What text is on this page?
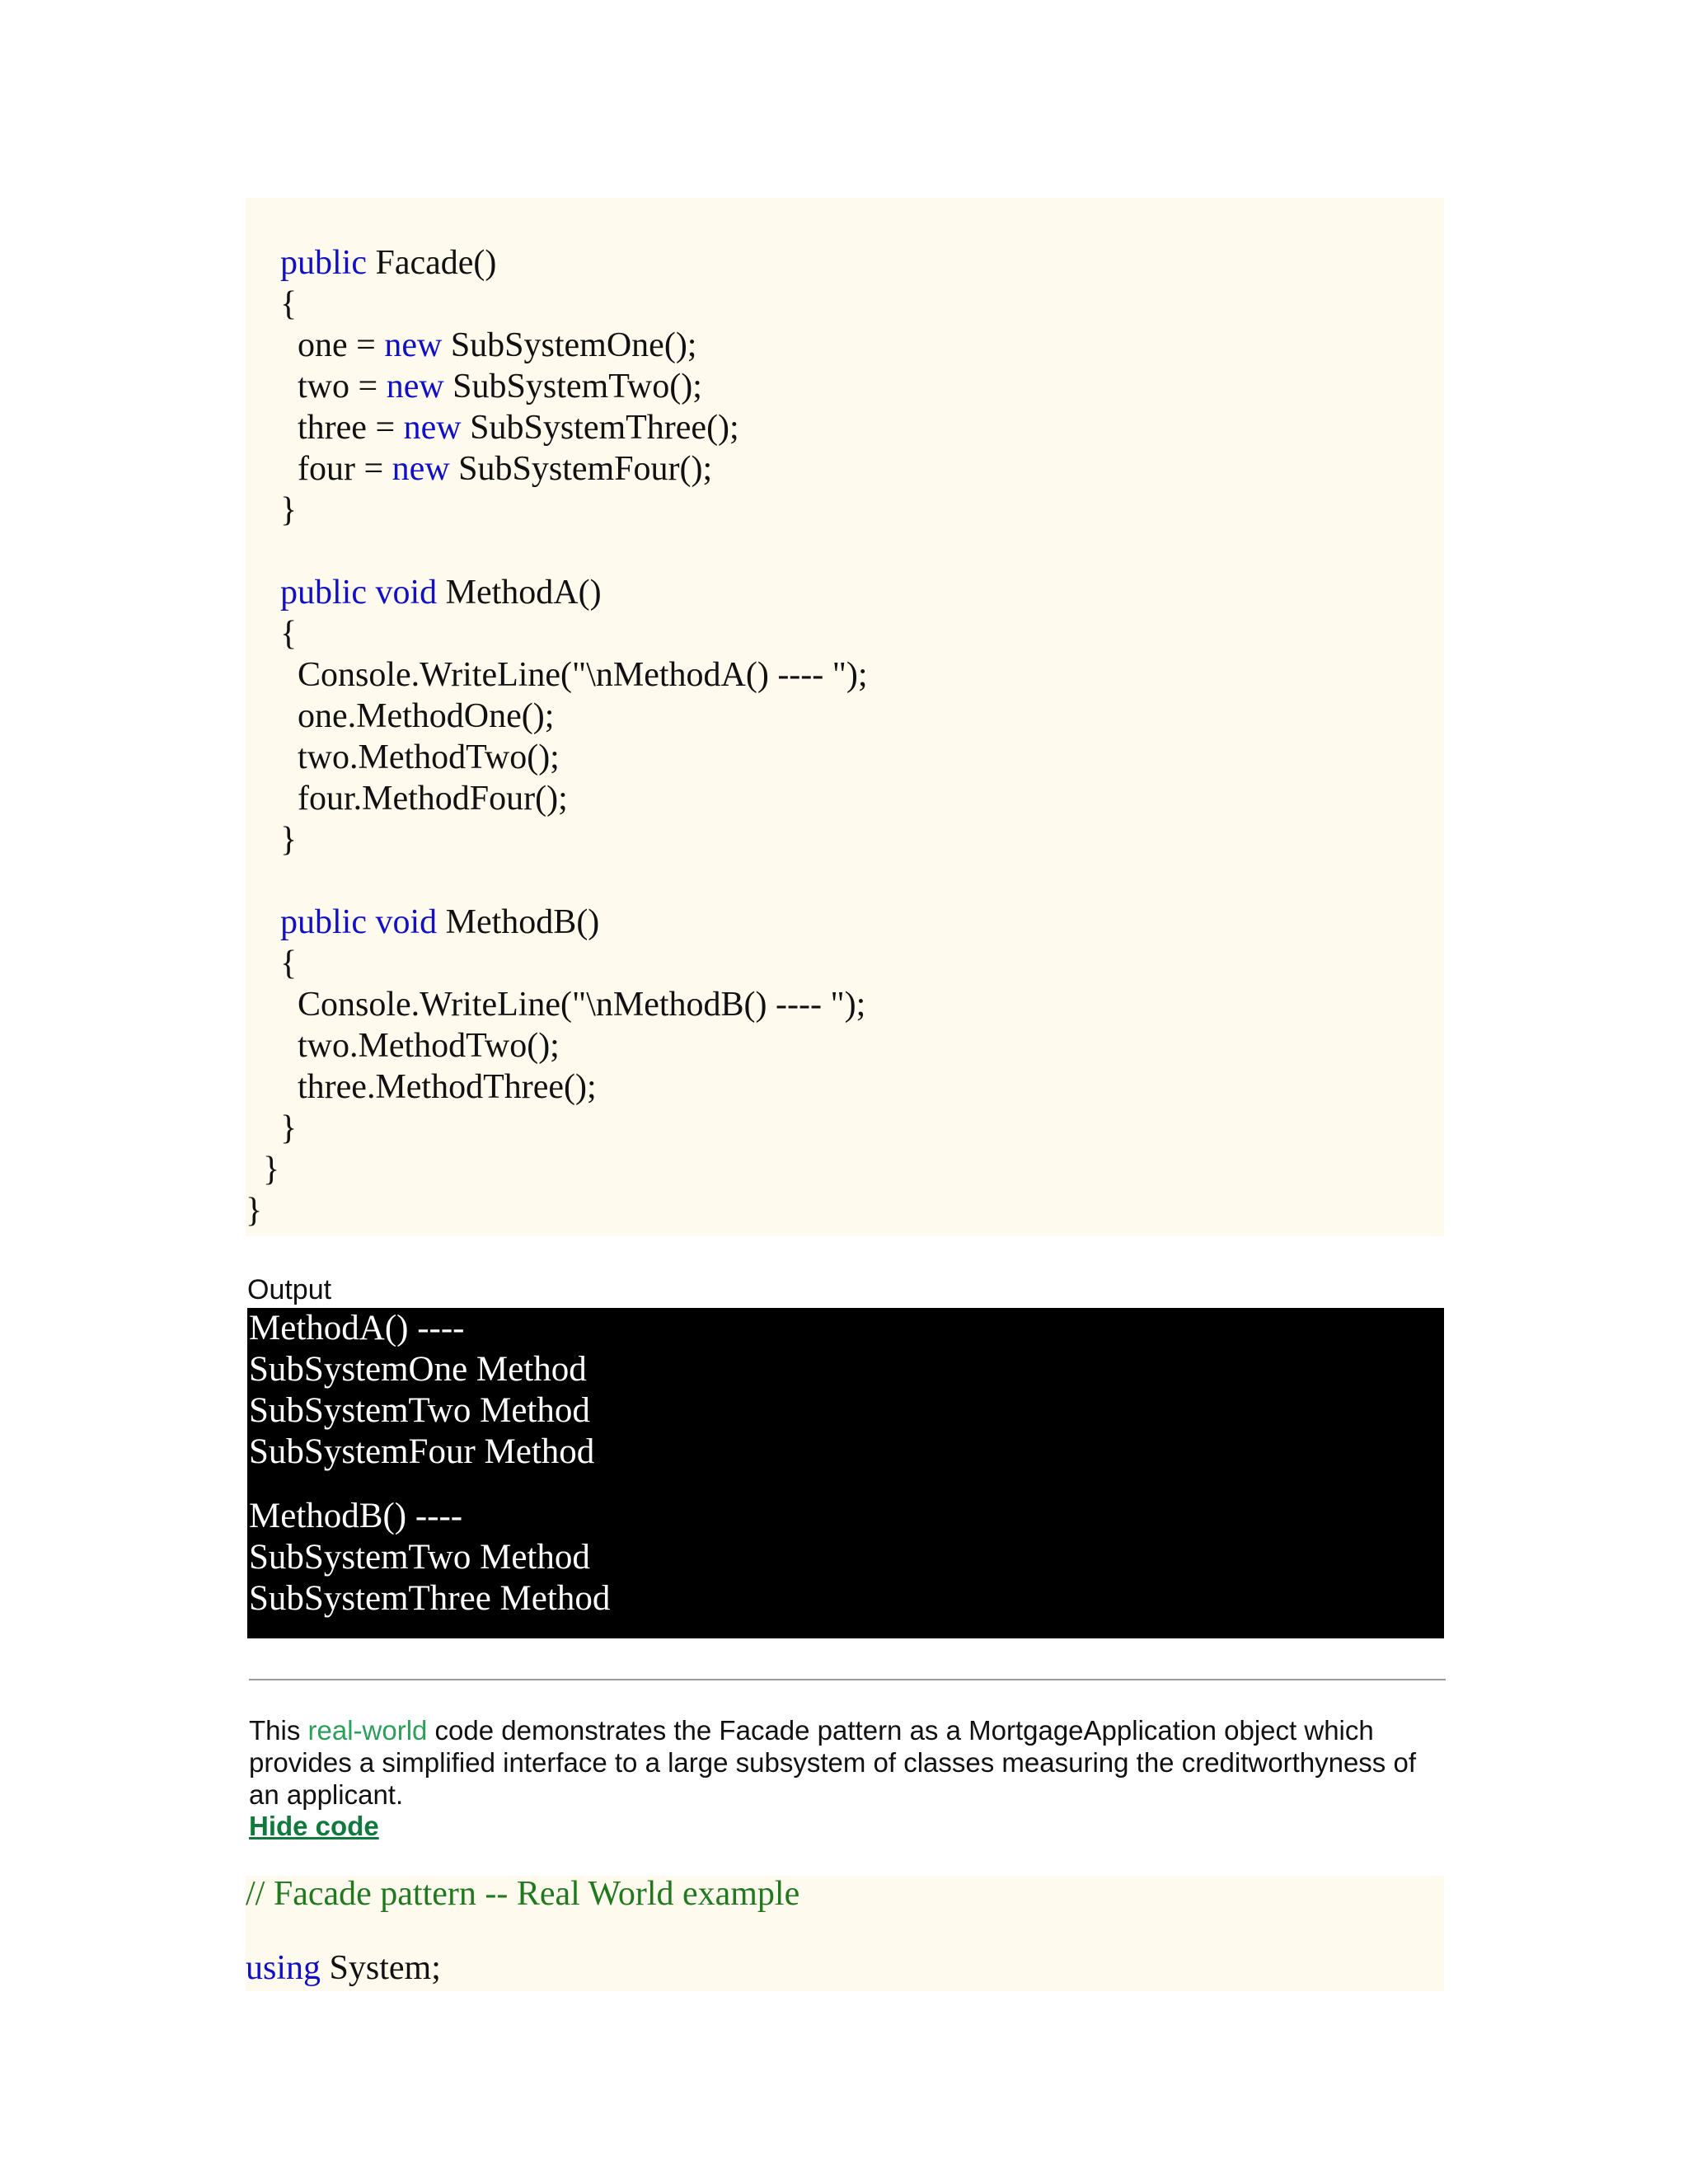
public Facade()
{
one = new SubSystemOne();
two = new SubSystemTwo();
three = new SubSystemThree();
four = new SubSystemFour();
}
public void MethodA()
{
Console.WriteLine("\nMethodA() ---- ");
one.MethodOne();
two.MethodTwo();
four.MethodFour();
}
public void MethodB()
{
Console.WriteLine("\nMethodB() ---- ");
two.MethodTwo();
three.MethodThree();
}
}
}
Output
MethodA() ----
SubSystemOne Method
SubSystemTwo Method
SubSystemFour Method
MethodB() ----
SubSystemTwo Method
SubSystemThree Method
This real-world code demonstrates the Facade pattern as a MortgageApplication object which provides a simplified interface to a large subsystem of classes measuring the creditworthyness of an applicant.
Hide code
// Facade pattern -- Real World example
using System;
